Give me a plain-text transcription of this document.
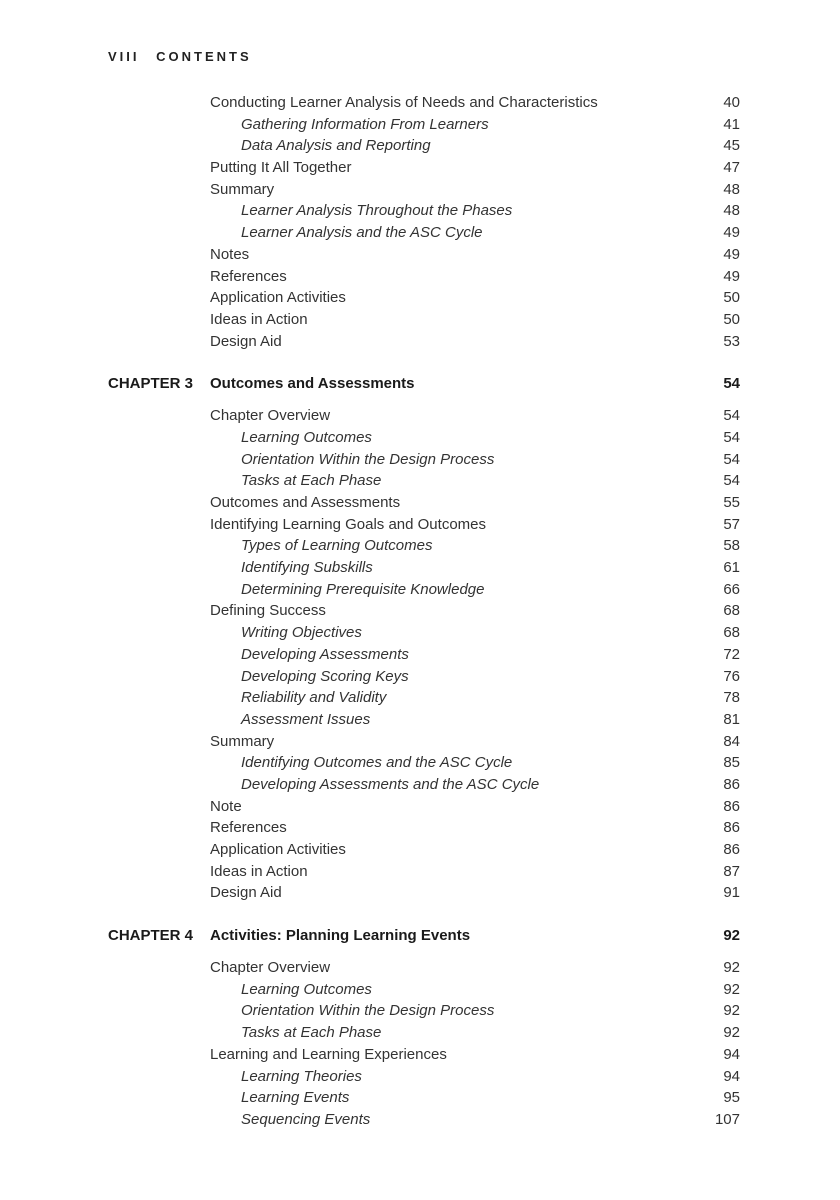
VIII CONTENTS
Conducting Learner Analysis of Needs and Characteristics	40
Gathering Information From Learners	41
Data Analysis and Reporting	45
Putting It All Together	47
Summary	48
Learner Analysis Throughout the Phases	48
Learner Analysis and the ASC Cycle	49
Notes	49
References	49
Application Activities	50
Ideas in Action	50
Design Aid	53
CHAPTER 3 Outcomes and Assessments	54
Chapter Overview	54
Learning Outcomes	54
Orientation Within the Design Process	54
Tasks at Each Phase	54
Outcomes and Assessments	55
Identifying Learning Goals and Outcomes	57
Types of Learning Outcomes	58
Identifying Subskills	61
Determining Prerequisite Knowledge	66
Defining Success	68
Writing Objectives	68
Developing Assessments	72
Developing Scoring Keys	76
Reliability and Validity	78
Assessment Issues	81
Summary	84
Identifying Outcomes and the ASC Cycle	85
Developing Assessments and the ASC Cycle	86
Note	86
References	86
Application Activities	86
Ideas in Action	87
Design Aid	91
CHAPTER 4 Activities: Planning Learning Events	92
Chapter Overview	92
Learning Outcomes	92
Orientation Within the Design Process	92
Tasks at Each Phase	92
Learning and Learning Experiences	94
Learning Theories	94
Learning Events	95
Sequencing Events	107
